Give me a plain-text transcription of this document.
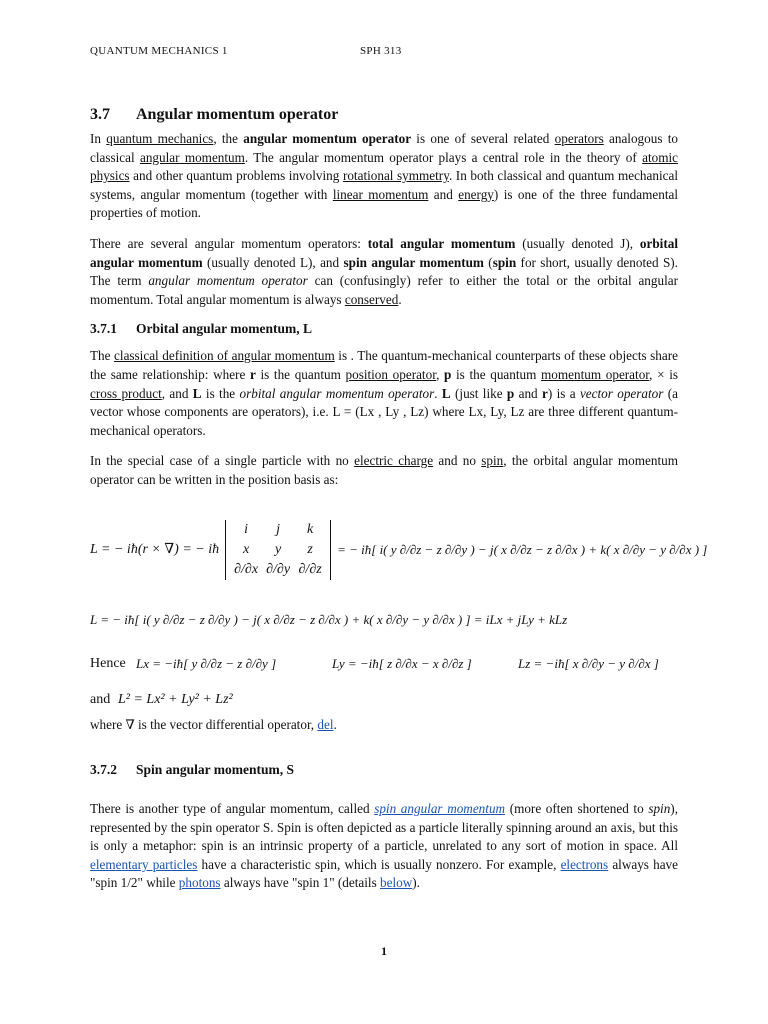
QUANTUM MECHANICS 1	SPH 313
3.7	Angular momentum operator

In quantum mechanics, the angular momentum operator is one of several related operators analogous to classical angular momentum. The angular momentum operator plays a central role in the theory of atomic physics and other quantum problems involving rotational symmetry. In both classical and quantum mechanical systems, angular momentum (together with linear momentum and energy) is one of the three fundamental properties of motion.

There are several angular momentum operators: total angular momentum (usually denoted J), orbital angular momentum (usually denoted L), and spin angular momentum (spin for short, usually denoted S). The term angular momentum operator can (confusingly) refer to either the total or the orbital angular momentum. Total angular momentum is always conserved.

3.7.1	Orbital angular momentum, L

The classical definition of angular momentum is . The quantum-mechanical counterparts of these objects share the same relationship: where r is the quantum position operator, p is the quantum momentum operator, × is cross product, and L is the orbital angular momentum operator. L (just like p and r) is a vector operator (a vector whose components are operators), i.e. L = (Lx , Ly , Lz) where Lx, Ly, Lz are three different quantum-mechanical operators.

In the special case of a single particle with no electric charge and no spin, the orbital angular momentum operator can be written in the position basis as:

L = − iħ(r × ∇) = − iħ
i	j	k
x	y	z
∂/∂x ∂/∂y ∂/∂z
= − iħ[ i( y ∂/∂z − z ∂/∂y ) − j( x ∂/∂z − z ∂/∂x ) + k( x ∂/∂y − y ∂/∂x ) ]
L = − iħ[ i( y ∂/∂z − z ∂/∂y ) − j( x ∂/∂z − z ∂/∂x ) + k( x ∂/∂y − y ∂/∂x ) ] = iLx + jLy + kLz
Hence Lx = −iħ[ y ∂/∂z − z ∂/∂y ]	Ly = −iħ[ z ∂/∂x − x ∂/∂z ]	Lz = −iħ[ x ∂/∂y − y ∂/∂x ]
and L² = Lx² + Ly² + Lz²

where ∇ is the vector differential operator, del.

3.7.2	Spin angular momentum, S

There is another type of angular momentum, called spin angular momentum (more often shortened to spin), represented by the spin operator S. Spin is often depicted as a particle literally spinning around an axis, but this is only a metaphor: spin is an intrinsic property of a particle, unrelated to any sort of motion in space. All elementary particles have a characteristic spin, which is usually nonzero. For example, electrons always have "spin 1/2" while photons always have "spin 1" (details below).

1
